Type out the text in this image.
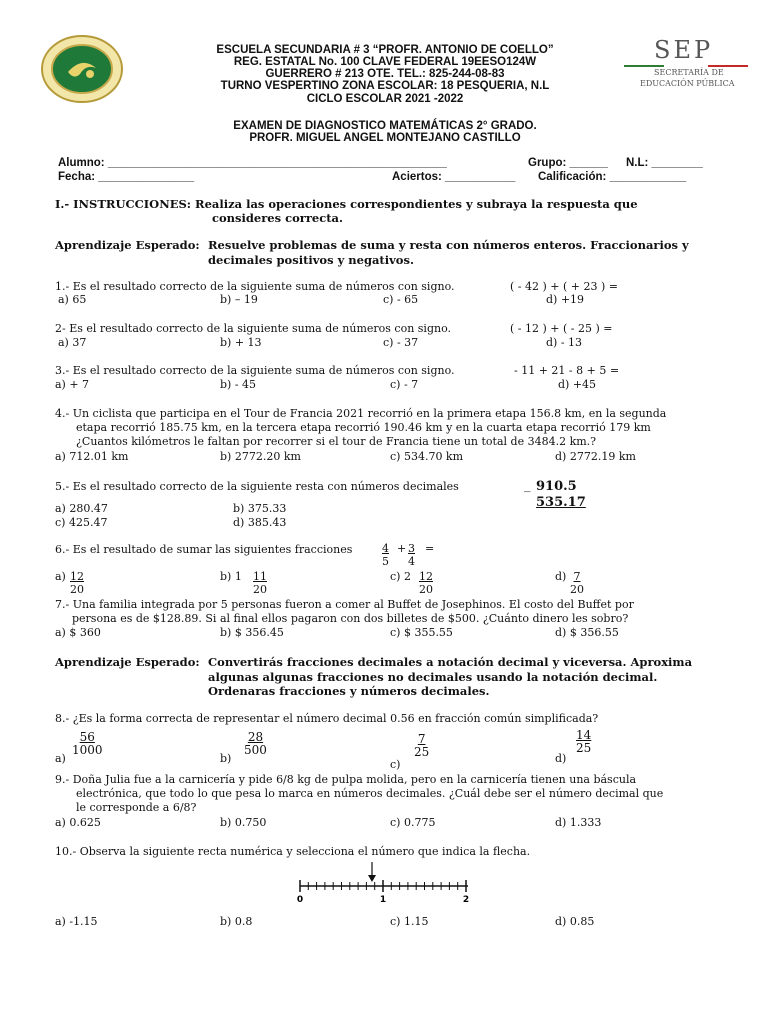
SEP
SECRETARÍA DE
EDUCACIÓN PÚBLICA
ESCUELA SECUNDARIA # 3 “PROFR. ANTONIO DE COELLO”
REG. ESTATAL No. 100 CLAVE FEDERAL 19EESO124W
GUERRERO # 213 OTE. TEL.: 825-244-08-83
TURNO VESPERTINO ZONA ESCOLAR: 18 PESQUERIA, N.L
CICLO ESCOLAR 2021 -2022
EXAMEN DE DIAGNOSTICO MATEMÁTICAS 2° GRADO.
PROFR. MIGUEL ANGEL MONTEJANO CASTILLO
Alumno: _____________________________________________________	Grupo: ______ N.L: ________
Fecha: _______________	Aciertos: ___________ Calificación: ____________
I.- INSTRUCCIONES: Realiza las operaciones correspondientes y subraya la respuesta que
consideres correcta.
Aprendizaje Esperado: Resuelve problemas de suma y resta con números enteros. Fraccionarios y
decimales positivos y negativos.
1.- Es el resultado correcto de la siguiente suma de números con signo.	( - 42 ) + ( + 23 ) =
a) 65	b) – 19	c) - 65	d) +19
2- Es el resultado correcto de la siguiente suma de números con signo.	( - 12 ) + ( - 25 ) =
a) 37	b) + 13	c) - 37	d) - 13
3.- Es el resultado correcto de la siguiente suma de números con signo.	- 11 + 21 - 8 + 5 =
a) + 7	b) - 45	c) - 7	d) +45
4.- Un ciclista que participa en el Tour de Francia 2021 recorrió en la primera etapa 156.8 km, en la segunda
etapa recorrió 185.75 km, en la tercera etapa recorrió 190.46 km y en la cuarta etapa recorrió 179 km
¿Cuantos kilómetros le faltan por recorrer si el tour de Francia tiene un total de 3484.2 km.?
a) 712.01 km	b) 2772.20 km	c) 534.70 km	d) 2772.19 km
5.- Es el resultado correcto de la siguiente resta con números decimales	_ 910.5
535.17
a) 280.47	b) 375.33
c) 425.47	d) 385.43
6.- Es el resultado de sumar las siguientes fracciones	$\frac{4}{5} + \frac{3}{4}$ =
$a) \frac{12}{20}$	b) $1 \frac{11}{20}$	c) $2 \frac{12}{20}$	$d) \frac{7}{20}$
7.- Una familia integrada por 5 personas fueron a comer al Buffet de Josephinos. El costo del Buffet por
persona es de $128.89. Si al final ellos pagaron con dos billetes de $500. ¿Cuánto dinero les sobro?
a) $ 360	b) $ 356.45	c) $ 355.55	d) $ 356.55
Aprendizaje Esperado: Convertirás fracciones decimales a notación decimal y viceversa. Aproxima
algunas algunas fracciones no decimales usando la notación decimal.
Ordenaras fracciones y números decimales.
8.- ¿Es la forma correcta de representar el número decimal 0.56 en fracción común simplificada?
a)
$\frac{56}{1000}$
b)
$\frac{28}{500}$
c)
$\frac{7}{25}$	d)
$\frac{14}{25}$
9.- Doña Julia fue a la carnicería y pide 6/8 kg de pulpa molida, pero en la carnicería tienen una báscula
electrónica, que todo lo que pesa lo marca en números decimales. ¿Cuál debe ser el número decimal que
le corresponde a 6/8?
a) 0.625	b) 0.750	c) 0.775	d) 1.333
10.- Observa la siguiente recta numérica y selecciona el número que indica la flecha.
0	1	2
a) -1.15	b) 0.8	c) 1.15	d) 0.85
